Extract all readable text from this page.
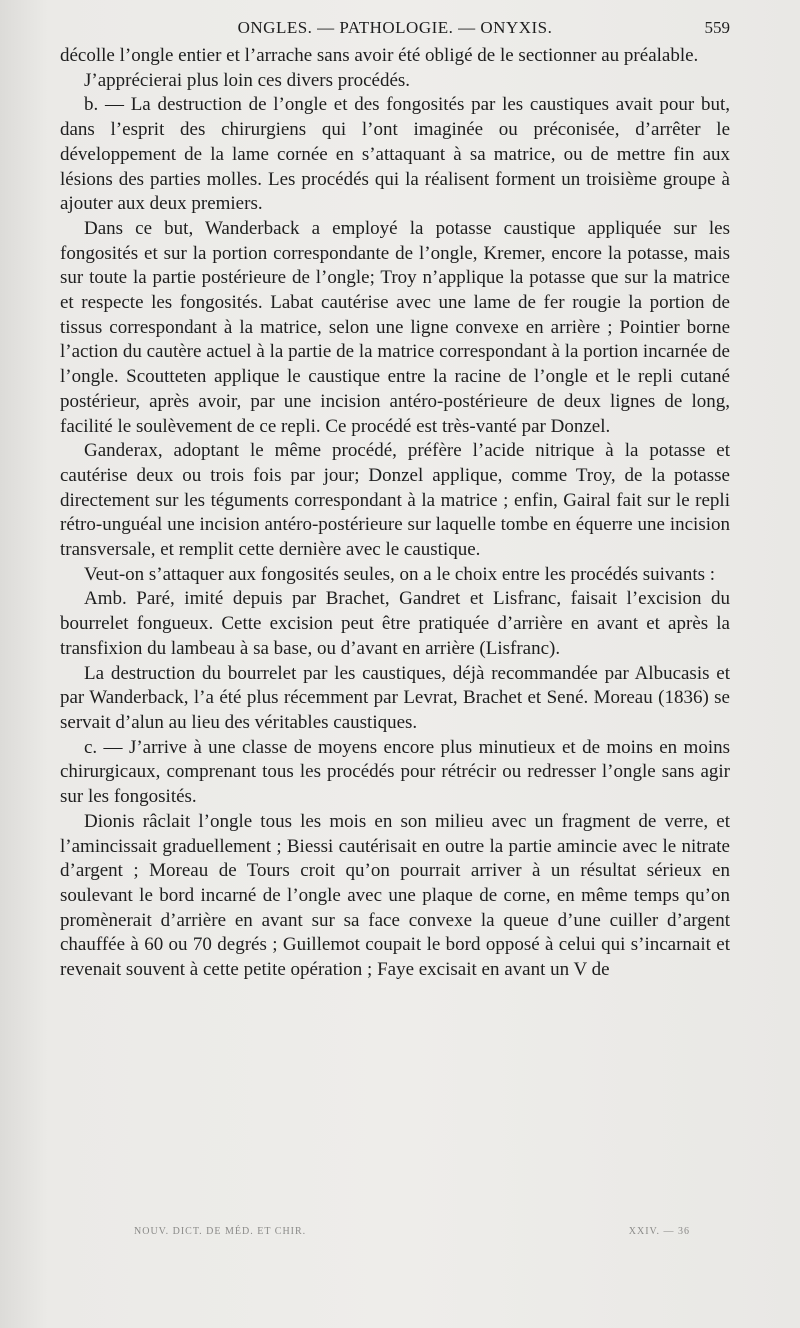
ONGLES. — PATHOLOGIE. — ONYXIS.	559

décolle l’ongle entier et l’arrache sans avoir été obligé de le sectionner au préalable.

J’apprécierai plus loin ces divers procédés.

b. — La destruction de l’ongle et des fongosités par les caustiques avait pour but, dans l’esprit des chirurgiens qui l’ont imaginée ou préconisée, d’arrêter le développement de la lame cornée en s’attaquant à sa matrice, ou de mettre fin aux lésions des parties molles. Les procédés qui la réalisent forment un troisième groupe à ajouter aux deux premiers.

Dans ce but, Wanderback a employé la potasse caustique appliquée sur les fongosités et sur la portion correspondante de l’ongle, Kremer, encore la potasse, mais sur toute la partie postérieure de l’ongle; Troy n’applique la potasse que sur la matrice et respecte les fongosités. Labat cautérise avec une lame de fer rougie la portion de tissus correspondant à la matrice, selon une ligne convexe en arrière ; Pointier borne l’action du cautère actuel à la partie de la matrice correspondant à la portion incarnée de l’ongle. Scoutteten applique le caustique entre la racine de l’ongle et le repli cutané postérieur, après avoir, par une incision antéro-postérieure de deux lignes de long, facilité le soulèvement de ce repli. Ce procédé est très-vanté par Donzel.

Ganderax, adoptant le même procédé, préfère l’acide nitrique à la potasse et cautérise deux ou trois fois par jour; Donzel applique, comme Troy, de la potasse directement sur les téguments correspondant à la matrice ; enfin, Gairal fait sur le repli rétro-unguéal une incision antéro-postérieure sur laquelle tombe en équerre une incision transversale, et remplit cette dernière avec le caustique.

Veut-on s’attaquer aux fongosités seules, on a le choix entre les procédés suivants :

Amb. Paré, imité depuis par Brachet, Gandret et Lisfranc, faisait l’excision du bourrelet fongueux. Cette excision peut être pratiquée d’arrière en avant et après la transfixion du lambeau à sa base, ou d’avant en arrière (Lisfranc).

La destruction du bourrelet par les caustiques, déjà recommandée par Albucasis et par Wanderback, l’a été plus récemment par Levrat, Brachet et Sené. Moreau (1836) se servait d’alun au lieu des véritables caustiques.

c. — J’arrive à une classe de moyens encore plus minutieux et de moins en moins chirurgicaux, comprenant tous les procédés pour rétrécir ou redresser l’ongle sans agir sur les fongosités.

Dionis râclait l’ongle tous les mois en son milieu avec un fragment de verre, et l’amincissait graduellement ; Biessi cautérisait en outre la partie amincie avec le nitrate d’argent ; Moreau de Tours croit qu’on pourrait arriver à un résultat sérieux en soulevant le bord incarné de l’ongle avec une plaque de corne, en même temps qu’on promènerait d’arrière en avant sur sa face convexe la queue d’une cuiller d’argent chauffée à 60 ou 70 degrés ; Guillemot coupait le bord opposé à celui qui s’incarnait et revenait souvent à cette petite opération ; Faye excisait en avant un V de

NOUV. DICT. DE MÉD. ET CHIR.	XXIV. — 36
